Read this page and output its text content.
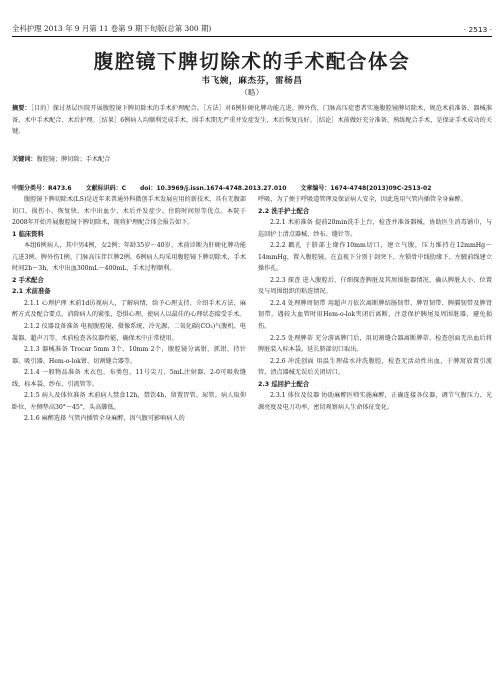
全科护理 2013 年 9 月第 11 卷第 9 期下旬版(总第 300 期)	· 2513 ·
腹腔镜下脾切除术的手术配合体会
韦飞婉，麻杰芬，雷杨昌
（略）
摘要：［目的］探讨基层医院开展腹腔镜下脾切除术的手术护理配合。［方法］对6例肝硬化脾功能亢进、脾外伤、门脉高压症患者实施腹腔镜脾切除术，规范术前准备、器械准备、术中手术配合、术后护理。［结果］6例病人均顺利完成手术，围手术期无严重并发症发生，术后恢复良好。［结论］术前做好充分准备，熟练配合手术，是保证手术成功的关键。
关键词：腹腔镜；脾切除；手术配合
中图分类号：R473.6 文献标识码：C doi：10.3969/j.issn.1674-4748.2013.27.010 文章编号：1674-4748(2013)09C-2513-02

腹腔镜下脾切除术(LS)是近年来普通外科微创手术发展应用的新技术，具有无腹部切口、损伤小、恢复快、术中出血少、术后并发症少、住院时间短等优点。本院于2008年开始开展腹腔镜下脾切除术，现将护理配合体会报告如下。

1 临床资料

本组6例病人，其中男4例，女2例；年龄35岁～40岁，术前诊断为肝硬化脾功能亢进3例、脾外伤1例、门脉高压伴巨脾2例。6例病人均采用腹腔镜下脾切除术，手术时间2h～3h，术中出血300mL～400mL，手术过程顺利。

2 手术配合
2.1 术前准备

2.1.1 心理护理 术前1d访视病人，了解病情，给予心理支持，介绍手术方法、麻醉方式及配合要点，消除病人的紧张、恐惧心理，使病人以最佳的心理状态接受手术。

2.1.2 仪器设备准备 电视腹腔镜、摄像系统、冷光源、二氧化碳(CO₂)气腹机、电凝器、超声刀等，术前检查各仪器性能，确保术中正常使用。

2.1.3 器械准备 Trocar 5mm 3个、10mm 2个，腹腔镜分离钳、抓钳、持针器、吸引器、Hem-o-lok钳、切割缝合器等。

2.1.4 一般物品准备 术衣包、布类包、11号尖刀、5mL注射器、2-0可吸收缝线、标本袋、纱布、引流管等。

2.1.5 病人及体位准备 术前病人禁食12h，禁饮4h，留置胃管、尿管。病人取仰卧位，左侧垫高30°～45°，头高脚低。

2.1.6 麻醉选择 气管内插管全身麻醉，因气腹可影响病人的

呼吸，为了便于呼吸道管理及保证病人安全，因此选用气管内插管全身麻醉。

2.2 洗手护士配合

2.2.1 术前准备 提前20min洗手上台，检查并准备器械，协助医生消毒铺巾，与巡回护士清点器械、纱布、缝针等。

2.2.2 戳孔 于脐部上缘作10mm切口，建立气腹，压力维持在12mmHg～14mmHg，置入腹腔镜，在直视下分别于剑突下、左锁骨中线肋缘下、左腋前线建立操作孔。

2.2.3 探查 进入腹腔后，仔细探查脾脏及其周围脏器情况，确认脾脏大小、位置及与周围组织的粘连情况。

2.2.4 处理脾周韧带 用超声刀依次离断脾结肠韧带、脾胃韧带、脾膈韧带及脾肾韧带，遇较大血管时用Hem-o-lok夹闭后离断，注意保护胰尾及周围脏器，避免损伤。

2.2.5 处理脾蒂 充分游离脾门后，用切割缝合器离断脾蒂，检查创面无出血后将脾脏装入标本袋，延长脐部切口取出。

2.2.6 冲洗创面 用温生理盐水冲洗腹腔，检查无活动性出血，于脾窝放置引流管，清点器械无误后关闭切口。

2.3 巡回护士配合

2.3.1 体位及仪器 协助麻醉医师实施麻醉，正确连接各仪器，调节气腹压力、光源亮度及电刀功率，密切观察病人生命体征变化。
